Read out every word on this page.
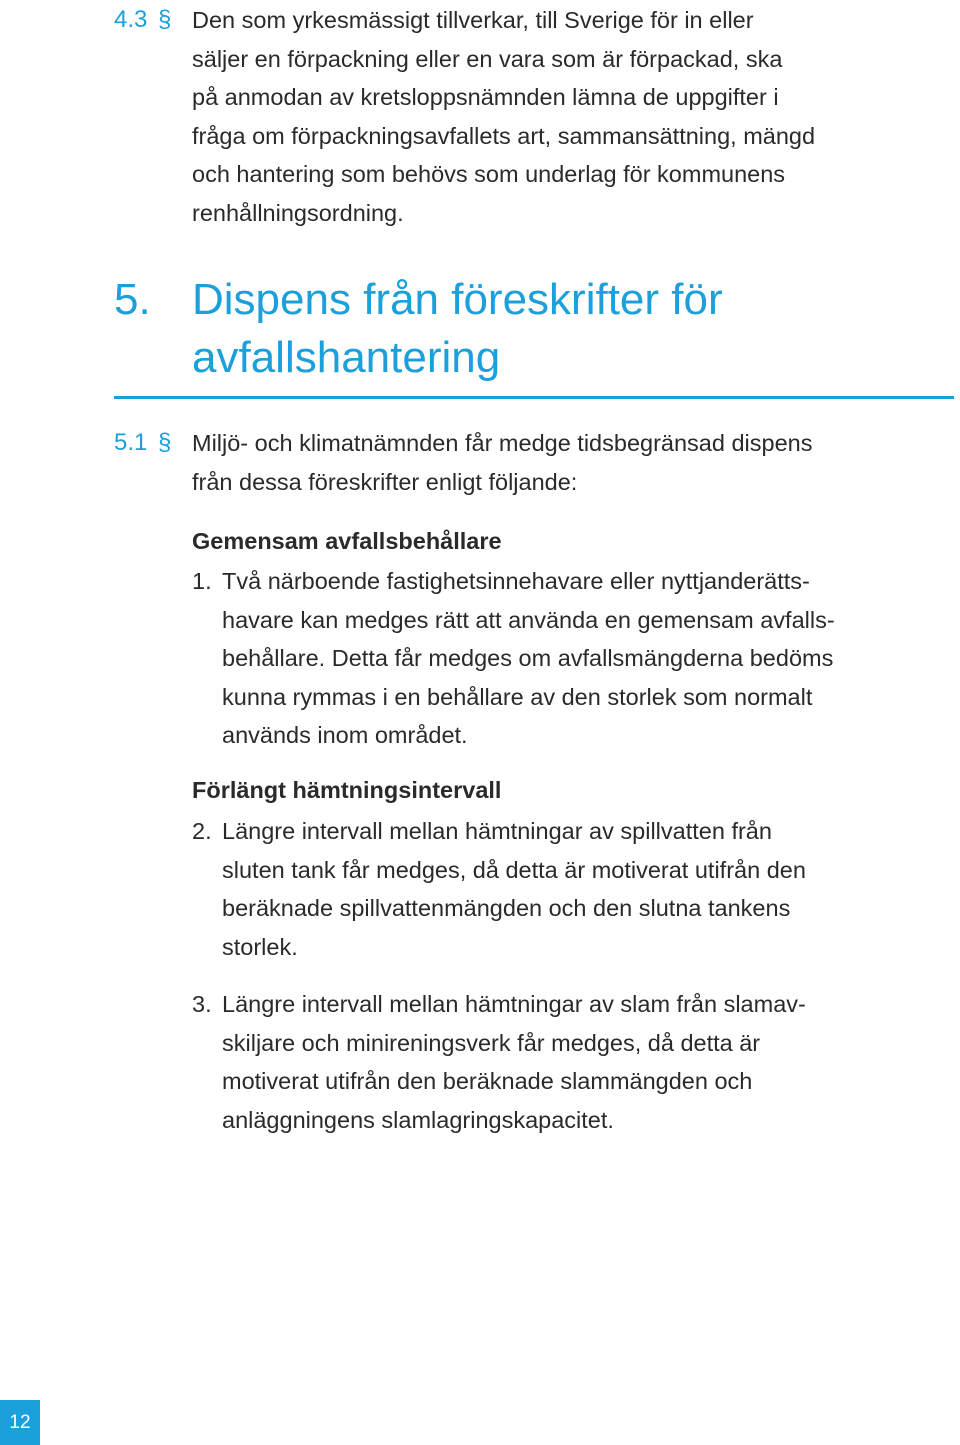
4.3 § Den som yrkesmässigt tillverkar, till Sverige för in eller
säljer en förpackning eller en vara som är förpackad, ska
på anmodan av kretsloppsnämnden lämna de uppgifter i
fråga om förpackningsavfallets art, sammansättning, mängd
och hantering som behövs som underlag för kommunens
renhållningsordning.
5. Dispens från föreskrifter för
avfallshantering
5.1 § Miljö- och klimatnämnden får medge tidsbegränsad dispens
från dessa föreskrifter enligt följande:
Gemensam avfallsbehållare
1. Två närboende fastighetsinnehavare eller nyttjanderätts-
havare kan medges rätt att använda en gemensam avfalls-
behållare. Detta får medges om avfallsmängderna bedöms
kunna rymmas i en behållare av den storlek som normalt
används inom området.
Förlängt hämtningsintervall
2. Längre intervall mellan hämtningar av spillvatten från
sluten tank får medges, då detta är motiverat utifrån den
beräknade spillvattenmängden och den slutna tankens
storlek.
3. Längre intervall mellan hämtningar av slam från slamav-
skiljare och minireningsverk får medges, då detta är
motiverat utifrån den beräknade slammängden och
anläggningens slamlagringskapacitet.
12
